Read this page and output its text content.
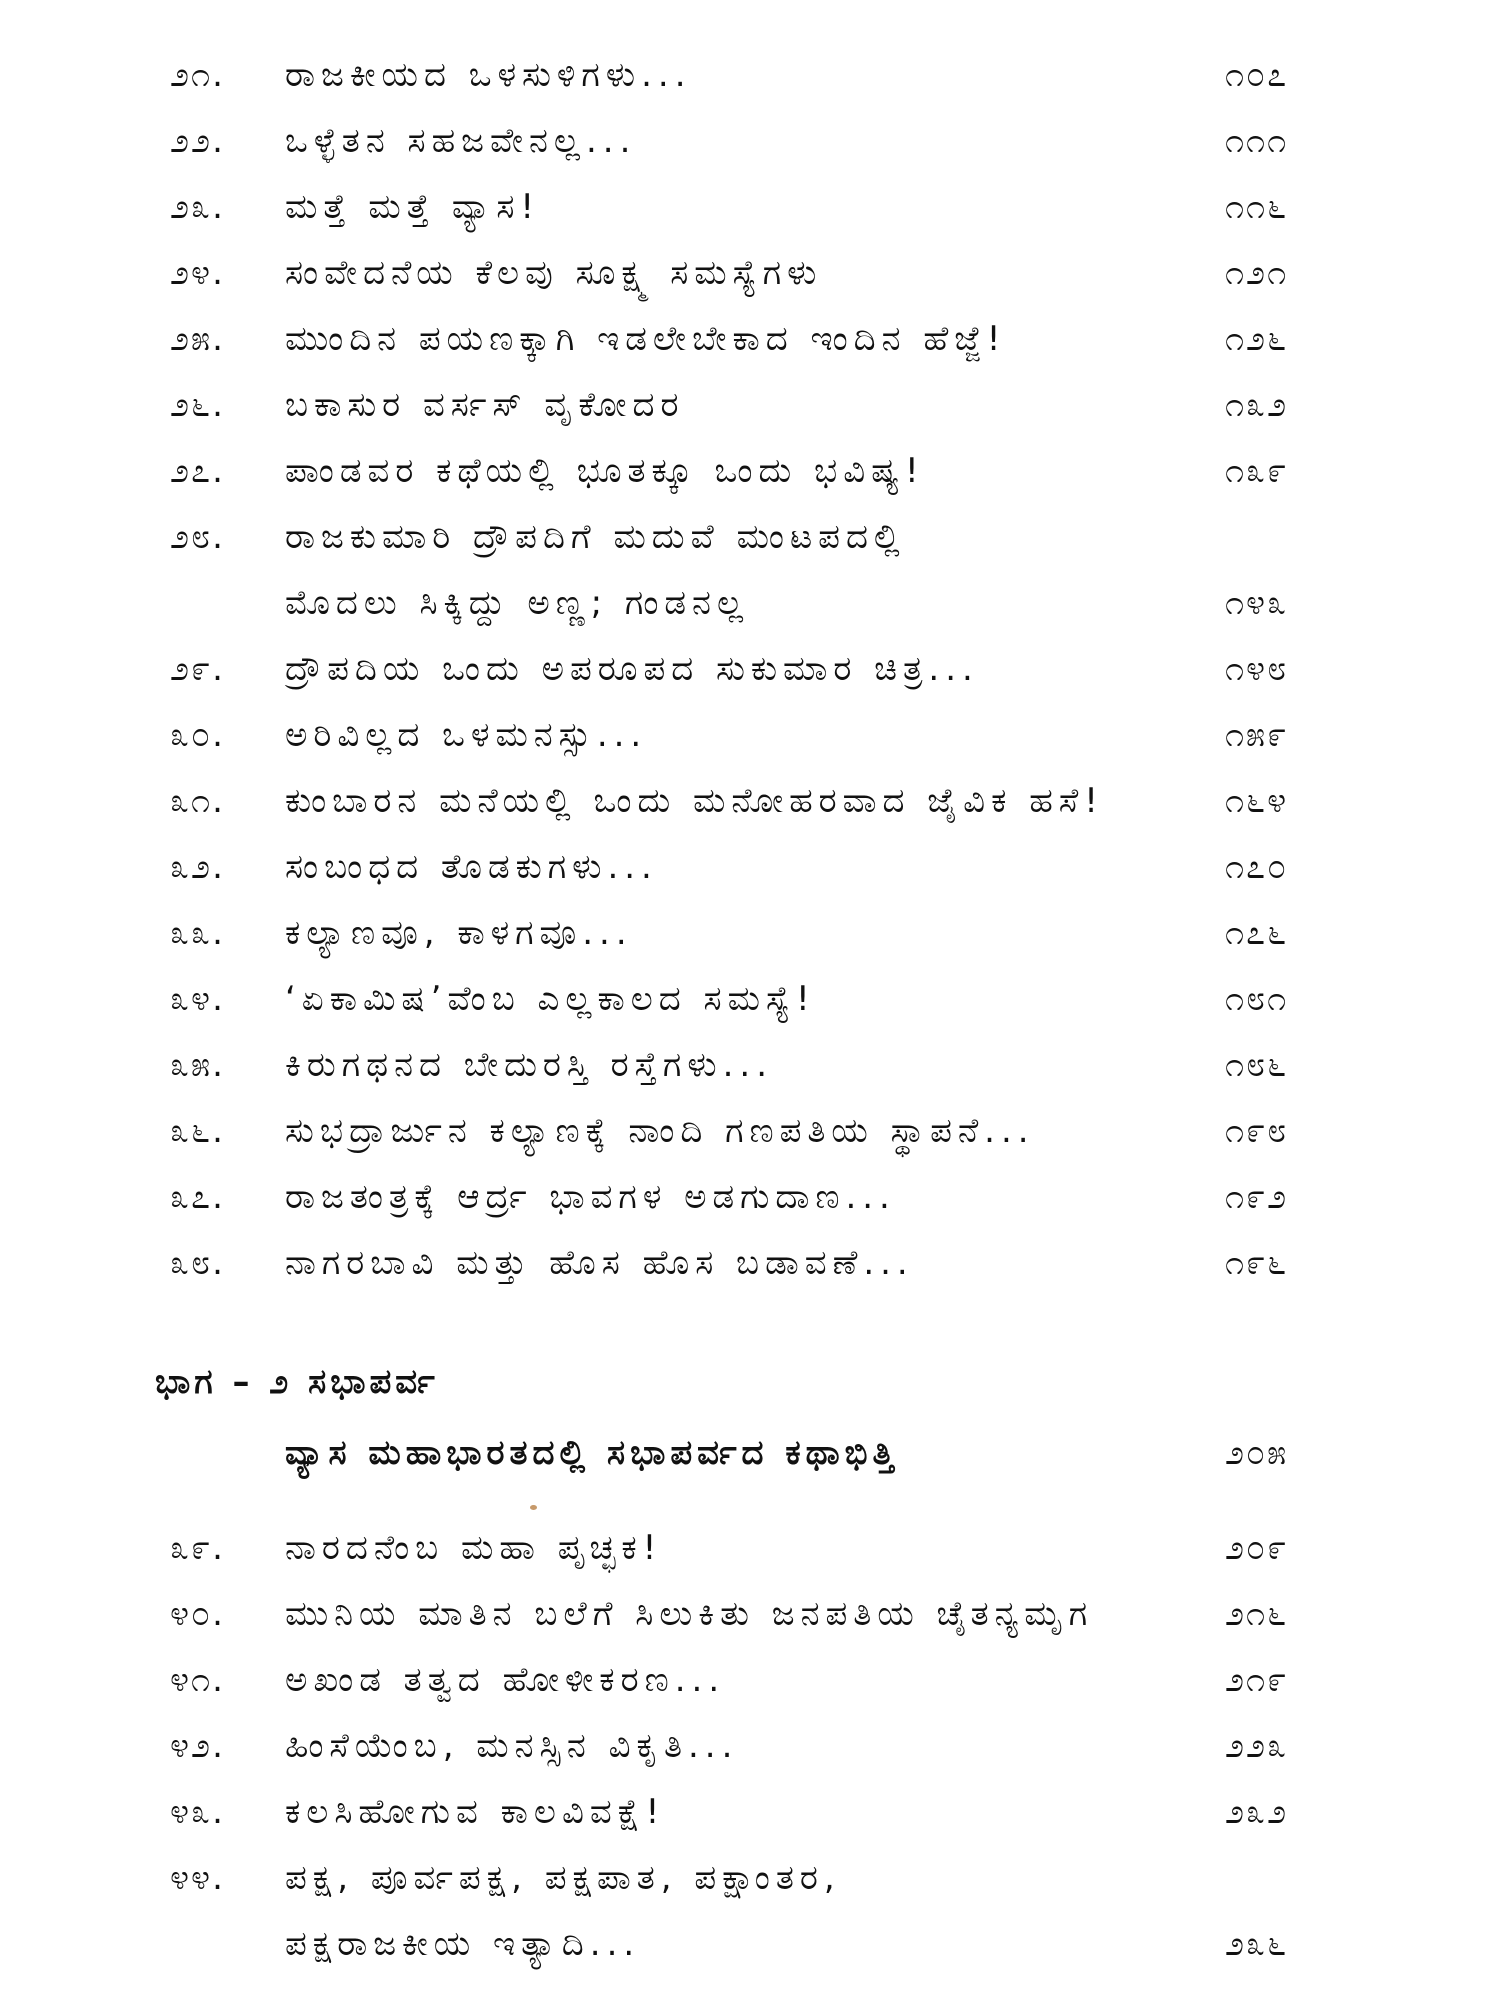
೨೧.	ರಾಜಕೀಯದ ಒಳಸುಳಿಗಳು...	೧೦೭
೨೨.	ಒಳ್ಳೆತನ ಸಹಜವೇನಲ್ಲ...	೧೧೧
೨೩.	ಮತ್ತೆ ಮತ್ತೆ ವ್ಯಾಸ!	೧೧೬
೨೪.	ಸಂವೇದನೆಯ ಕೆಲವು ಸೂಕ್ಷ್ಮ ಸಮಸ್ಯೆಗಳು	೧೨೧
೨೫.	ಮುಂದಿನ ಪಯಣಕ್ಕಾಗಿ ಇಡಲೇಬೇಕಾದ ಇಂದಿನ ಹೆಜ್ಜೆ!	೧೨೬
೨೬.	ಬಕಾಸುರ ವರ್ಸಸ್ ವೃಕೋದರ	೧೩೨
೨೭.	ಪಾಂಡವರ ಕಥೆಯಲ್ಲಿ ಭೂತಕ್ಕೂ ಒಂದು ಭವಿಷ್ಯ!	೧೩೯
೨೮.	ರಾಜಕುಮಾರಿ ದ್ರೌಪದಿಗೆ ಮದುವೆ ಮಂಟಪದಲ್ಲಿ
ಮೊದಲು ಸಿಕ್ಕಿದ್ದು ಅಣ್ಣ; ಗಂಡನಲ್ಲ	೧೪೩
೨೯.	ದ್ರೌಪದಿಯ ಒಂದು ಅಪರೂಪದ ಸುಕುಮಾರ ಚಿತ್ರ...	೧೪೮
೩೦.	ಅರಿವಿಲ್ಲದ ಒಳಮನಸ್ಸು...	೧೫೯
೩೧.	ಕುಂಬಾರನ ಮನೆಯಲ್ಲಿ ಒಂದು ಮನೋಹರವಾದ ಜೈವಿಕ ಹಸೆ!	೧೬೪
೩೨.	ಸಂಬಂಧದ ತೊಡಕುಗಳು...	೧೭೦
೩೩.	ಕಲ್ಯಾಣವೂ, ಕಾಳಗವೂ...	೧೭೬
೩೪.	‘ಏಕಾಮಿಷ’ವೆಂಬ ಎಲ್ಲಕಾಲದ ಸಮಸ್ಯೆ!	೧೮೧
೩೫.	ಕಿರುಗಥನದ ಬೇದುರಸ್ತಿ ರಸ್ತೆಗಳು...	೧೮೬
೩೬.	ಸುಭದ್ರಾರ್ಜುನ ಕಲ್ಯಾಣಕ್ಕೆ ನಾಂದಿ ಗಣಪತಿಯ ಸ್ಥಾಪನೆ...	೧೯೮
೩೭.	ರಾಜತಂತ್ರಕ್ಕೆ ಆರ್ದ್ರ ಭಾವಗಳ ಅಡಗುದಾಣ...	೧೯೨
೩೮.	ನಾಗರಬಾವಿ ಮತ್ತು ಹೊಸ ಹೊಸ ಬಡಾವಣೆ...	೧೯೬
ಭಾಗ – ೨ ಸಭಾಪರ್ವ
ವ್ಯಾಸ ಮಹಾಭಾರತದಲ್ಲಿ ಸಭಾಪರ್ವದ ಕಥಾಭಿತ್ತಿ	೨೦೫
೩೯.	ನಾರದನೆಂಬ ಮಹಾ ಪೃಚ್ಛಕ!	೨೦೯
೪೦.	ಮುನಿಯ ಮಾತಿನ ಬಲೆಗೆ ಸಿಲುಕಿತು ಜನಪತಿಯ ಚೈತನ್ಯಮೃಗ	೨೧೬
೪೧.	ಅಖಂಡ ತತ್ವದ ಹೋಳೀಕರಣ...	೨೧೯
೪೨.	ಹಿಂಸೆಯೆಂಬ, ಮನಸ್ಸಿನ ವಿಕೃತಿ...	೨೨೩
೪೩.	ಕಲಸಿಹೋಗುವ ಕಾಲವಿವಕ್ಷೆ!	೨೩೨
೪೪.	ಪಕ್ಷ, ಪೂರ್ವಪಕ್ಷ, ಪಕ್ಷಪಾತ, ಪಕ್ಷಾಂತರ,
ಪಕ್ಷರಾಜಕೀಯ ಇತ್ಯಾದಿ...	೨೩೬
